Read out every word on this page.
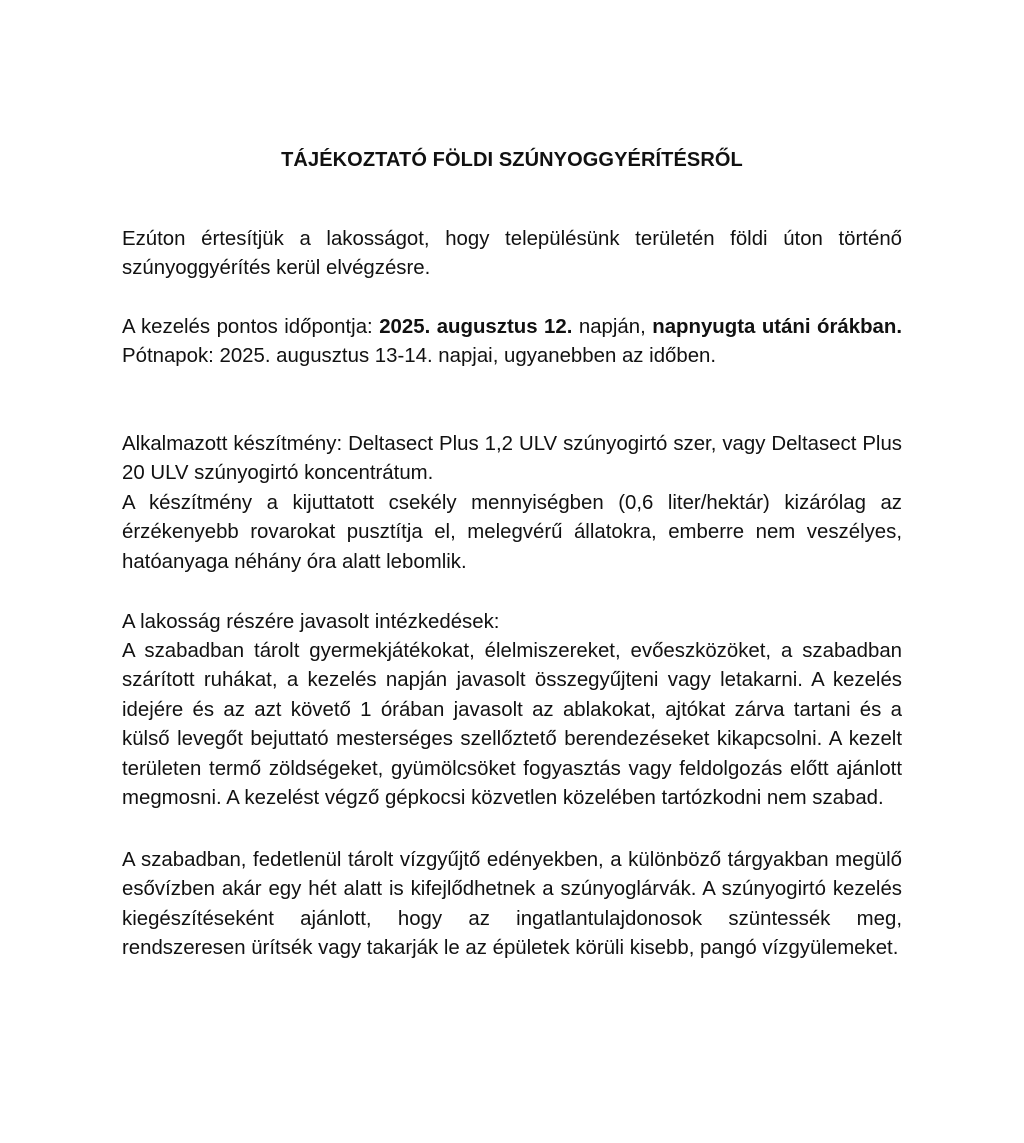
TÁJÉKOZTATÓ FÖLDI SZÚNYOGGYÉRÍTÉSRŐL

Ezúton értesítjük a lakosságot, hogy településünk területén földi úton történő szúnyoggyérítés kerül elvégzésre.

A kezelés pontos időpontja: 2025. augusztus 12. napján, napnyugta utáni órákban. Pótnapok: 2025. augusztus 13-14. napjai, ugyanebben az időben.

Alkalmazott készítmény: Deltasect Plus 1,2 ULV szúnyogirtó szer, vagy Deltasect Plus 20 ULV szúnyogirtó koncentrátum.

A készítmény a kijuttatott csekély mennyiségben (0,6 liter/hektár) kizárólag az érzékenyebb rovarokat pusztítja el, melegvérű állatokra, emberre nem veszélyes, hatóanyaga néhány óra alatt lebomlik.

A lakosság részére javasolt intézkedések:

A szabadban tárolt gyermekjátékokat, élelmiszereket, evőeszközöket, a szabadban szárított ruhákat, a kezelés napján javasolt összegyűjteni vagy letakarni. A kezelés idejére és az azt követő 1 órában javasolt az ablakokat, ajtókat zárva tartani és a külső levegőt bejuttató mesterséges szellőztető berendezéseket kikapcsolni. A kezelt területen termő zöldségeket, gyümölcsöket fogyasztás vagy feldolgozás előtt ajánlott megmosni. A kezelést végző gépkocsi közvetlen közelében tartózkodni nem szabad.

A szabadban, fedetlenül tárolt vízgyűjtő edényekben, a különböző tárgyakban megülő esővízben akár egy hét alatt is kifejlődhetnek a szúnyoglárvák. A szúnyogirtó kezelés kiegészítéseként ajánlott, hogy az ingatlantulajdonosok szüntessék meg, rendszeresen ürítsék vagy takarják le az épületek körüli kisebb, pangó vízgyülemeket.
